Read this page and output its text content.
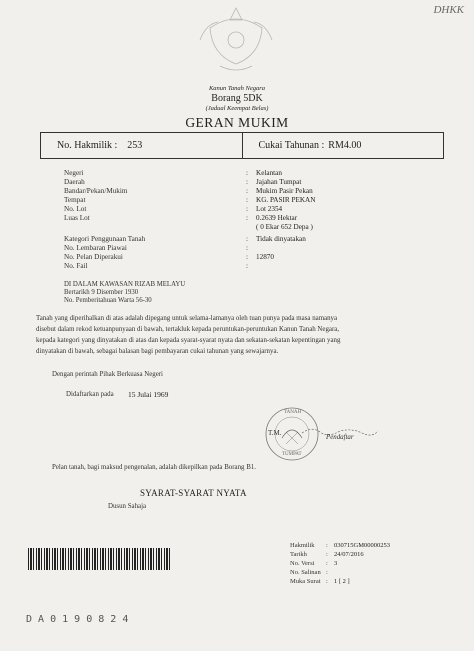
DHKK
Kanun Tanah Negara
Borang 5DK
(Jadual Keempat Belas)
GERAN MUKIM
No. Hakmilik : 253	Cukai Tahunan : RM4.00
Negeri
Daerah
Bandar/Pekan/Mukim
Tempat
No. Lot
Luas Lot
Kategori Penggunaan Tanah
No. Lembaran Piawai
No. Pelan Diperakui
No. Fail
:
:
:
:
:
:
:
:
:
:
Kelantan
Jajahan Tumpat
Mukim Pasir Pekan
KG. PASIR PEKAN
Lot 2354
0.2639 Hektar
( 0 Ekar 652 Depa )
Tidak dinyatakan
12870
DI DALAM KAWASAN RIZAB MELAYU
Bertarikh 9 Disember 1930
No. Pemberitahuan Warta 56-30
Tanah yang diperihalkan di atas adalah dipegang untuk selama-lamanya oleh tuan punya pada masa namanya
disebut dalam rekod ketuanpunyaan di bawah, tertakluk kepada peruntukan-peruntukan Kanun Tanah Negara,
kepada kategori yang dinyatakan di atas dan kepada syarat-syarat nyata dan sekatan-sekatan kepentingan yang
dinyatakan di bawah, sebagai balasan bagi pembayaran cukai tahunan yang sewajarnya.
Dengan perintah Pihak Berkuasa Negeri
Didaftarkan pada 15 Julai 1969
TANAH
TUMPAT
T.M.
Pendaftar
Pelan tanah, bagi maksud pengenalan, adalah dikepilkan pada Borang B1.
SYARAT-SYARAT NYATA
Dusun Sahaja
Hakmilik
Tarikh
No. Versi
No. Salinan
Muka Surat
:
:
:
:
:
030715GM00000253
24/07/2016
3
1 [ 2 ]
D A 0 1 9 0 8 2 4
